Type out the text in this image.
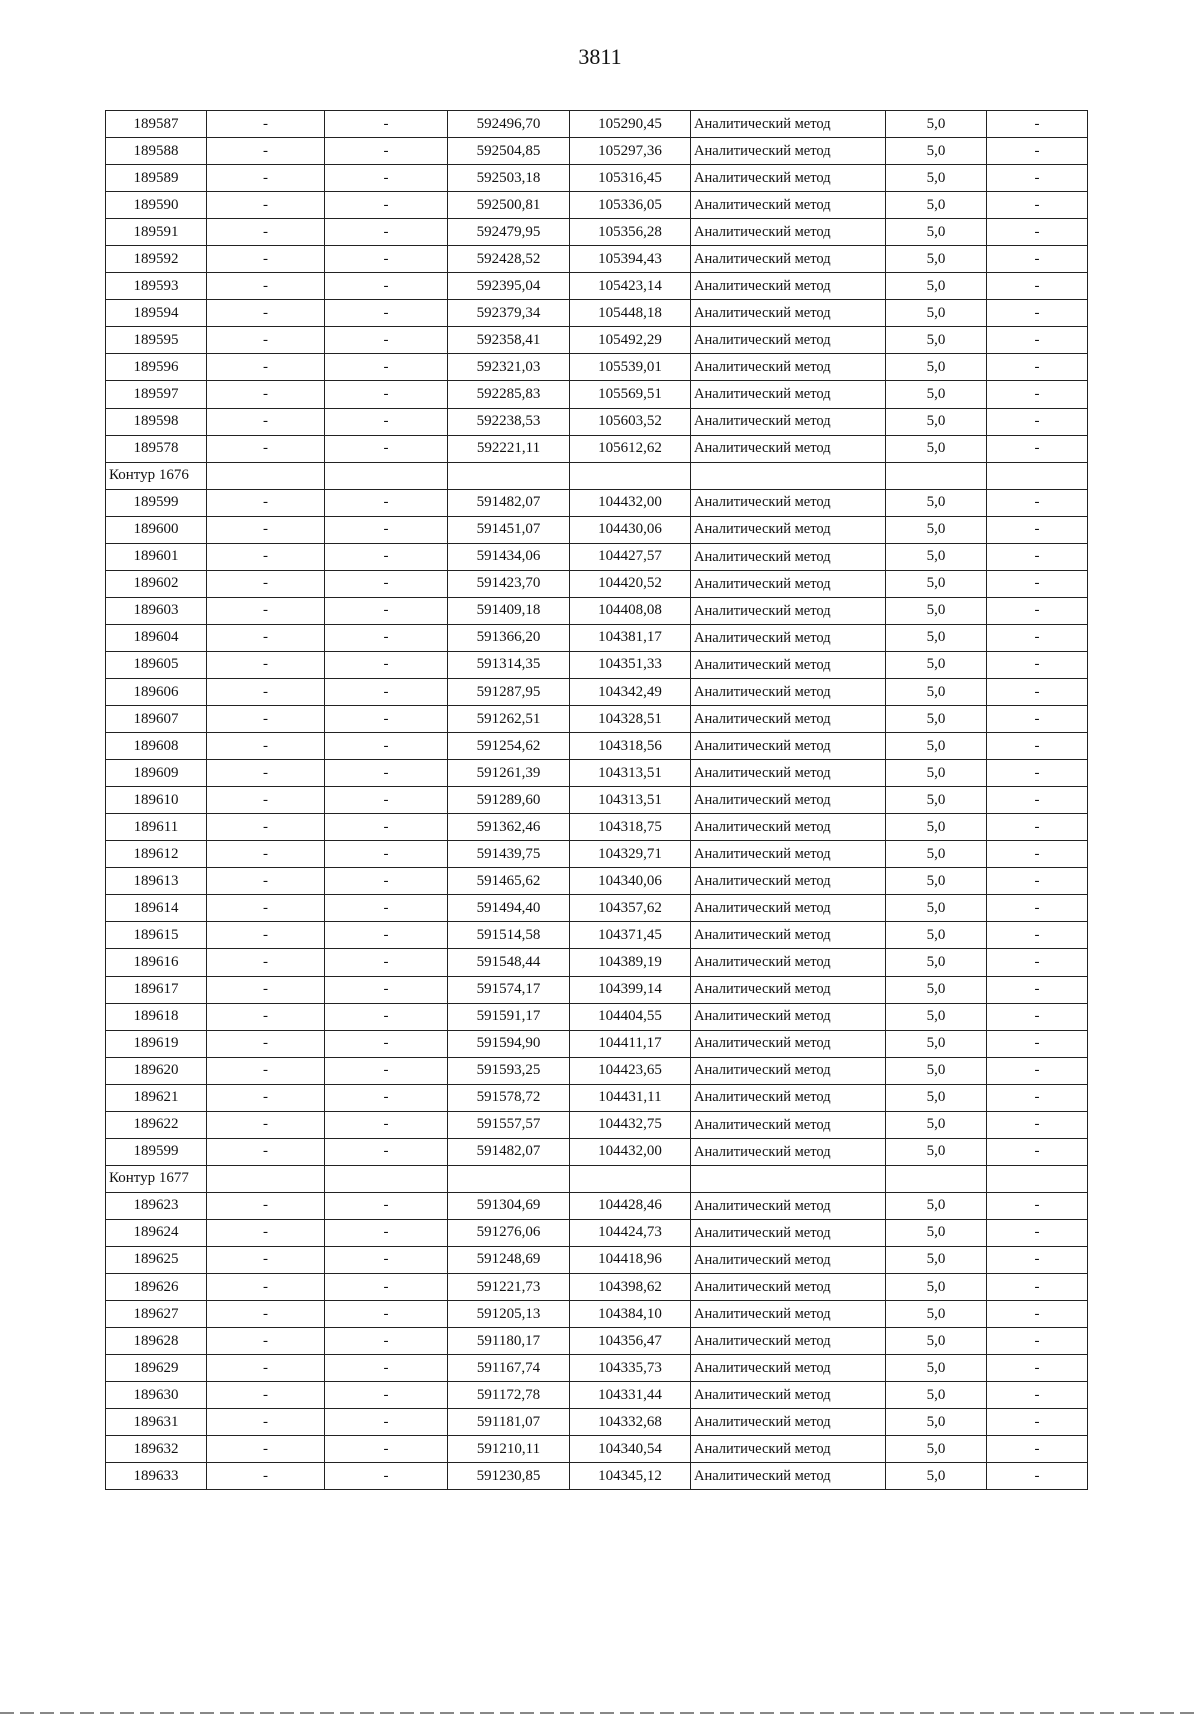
3811
189587	-	-	592496,70	105290,45	Аналитический метод	5,0	-
189588	-	-	592504,85	105297,36	Аналитический метод	5,0	-
189589	-	-	592503,18	105316,45	Аналитический метод	5,0	-
189590	-	-	592500,81	105336,05	Аналитический метод	5,0	-
189591	-	-	592479,95	105356,28	Аналитический метод	5,0	-
189592	-	-	592428,52	105394,43	Аналитический метод	5,0	-
189593	-	-	592395,04	105423,14	Аналитический метод	5,0	-
189594	-	-	592379,34	105448,18	Аналитический метод	5,0	-
189595	-	-	592358,41	105492,29	Аналитический метод	5,0	-
189596	-	-	592321,03	105539,01	Аналитический метод	5,0	-
189597	-	-	592285,83	105569,51	Аналитический метод	5,0	-
189598	-	-	592238,53	105603,52	Аналитический метод	5,0	-
189578	-	-	592221,11	105612,62	Аналитический метод	5,0	-
Контур 1676							
189599	-	-	591482,07	104432,00	Аналитический метод	5,0	-
189600	-	-	591451,07	104430,06	Аналитический метод	5,0	-
189601	-	-	591434,06	104427,57	Аналитический метод	5,0	-
189602	-	-	591423,70	104420,52	Аналитический метод	5,0	-
189603	-	-	591409,18	104408,08	Аналитический метод	5,0	-
189604	-	-	591366,20	104381,17	Аналитический метод	5,0	-
189605	-	-	591314,35	104351,33	Аналитический метод	5,0	-
189606	-	-	591287,95	104342,49	Аналитический метод	5,0	-
189607	-	-	591262,51	104328,51	Аналитический метод	5,0	-
189608	-	-	591254,62	104318,56	Аналитический метод	5,0	-
189609	-	-	591261,39	104313,51	Аналитический метод	5,0	-
189610	-	-	591289,60	104313,51	Аналитический метод	5,0	-
189611	-	-	591362,46	104318,75	Аналитический метод	5,0	-
189612	-	-	591439,75	104329,71	Аналитический метод	5,0	-
189613	-	-	591465,62	104340,06	Аналитический метод	5,0	-
189614	-	-	591494,40	104357,62	Аналитический метод	5,0	-
189615	-	-	591514,58	104371,45	Аналитический метод	5,0	-
189616	-	-	591548,44	104389,19	Аналитический метод	5,0	-
189617	-	-	591574,17	104399,14	Аналитический метод	5,0	-
189618	-	-	591591,17	104404,55	Аналитический метод	5,0	-
189619	-	-	591594,90	104411,17	Аналитический метод	5,0	-
189620	-	-	591593,25	104423,65	Аналитический метод	5,0	-
189621	-	-	591578,72	104431,11	Аналитический метод	5,0	-
189622	-	-	591557,57	104432,75	Аналитический метод	5,0	-
189599	-	-	591482,07	104432,00	Аналитический метод	5,0	-
Контур 1677							
189623	-	-	591304,69	104428,46	Аналитический метод	5,0	-
189624	-	-	591276,06	104424,73	Аналитический метод	5,0	-
189625	-	-	591248,69	104418,96	Аналитический метод	5,0	-
189626	-	-	591221,73	104398,62	Аналитический метод	5,0	-
189627	-	-	591205,13	104384,10	Аналитический метод	5,0	-
189628	-	-	591180,17	104356,47	Аналитический метод	5,0	-
189629	-	-	591167,74	104335,73	Аналитический метод	5,0	-
189630	-	-	591172,78	104331,44	Аналитический метод	5,0	-
189631	-	-	591181,07	104332,68	Аналитический метод	5,0	-
189632	-	-	591210,11	104340,54	Аналитический метод	5,0	-
189633	-	-	591230,85	104345,12	Аналитический метод	5,0	-
